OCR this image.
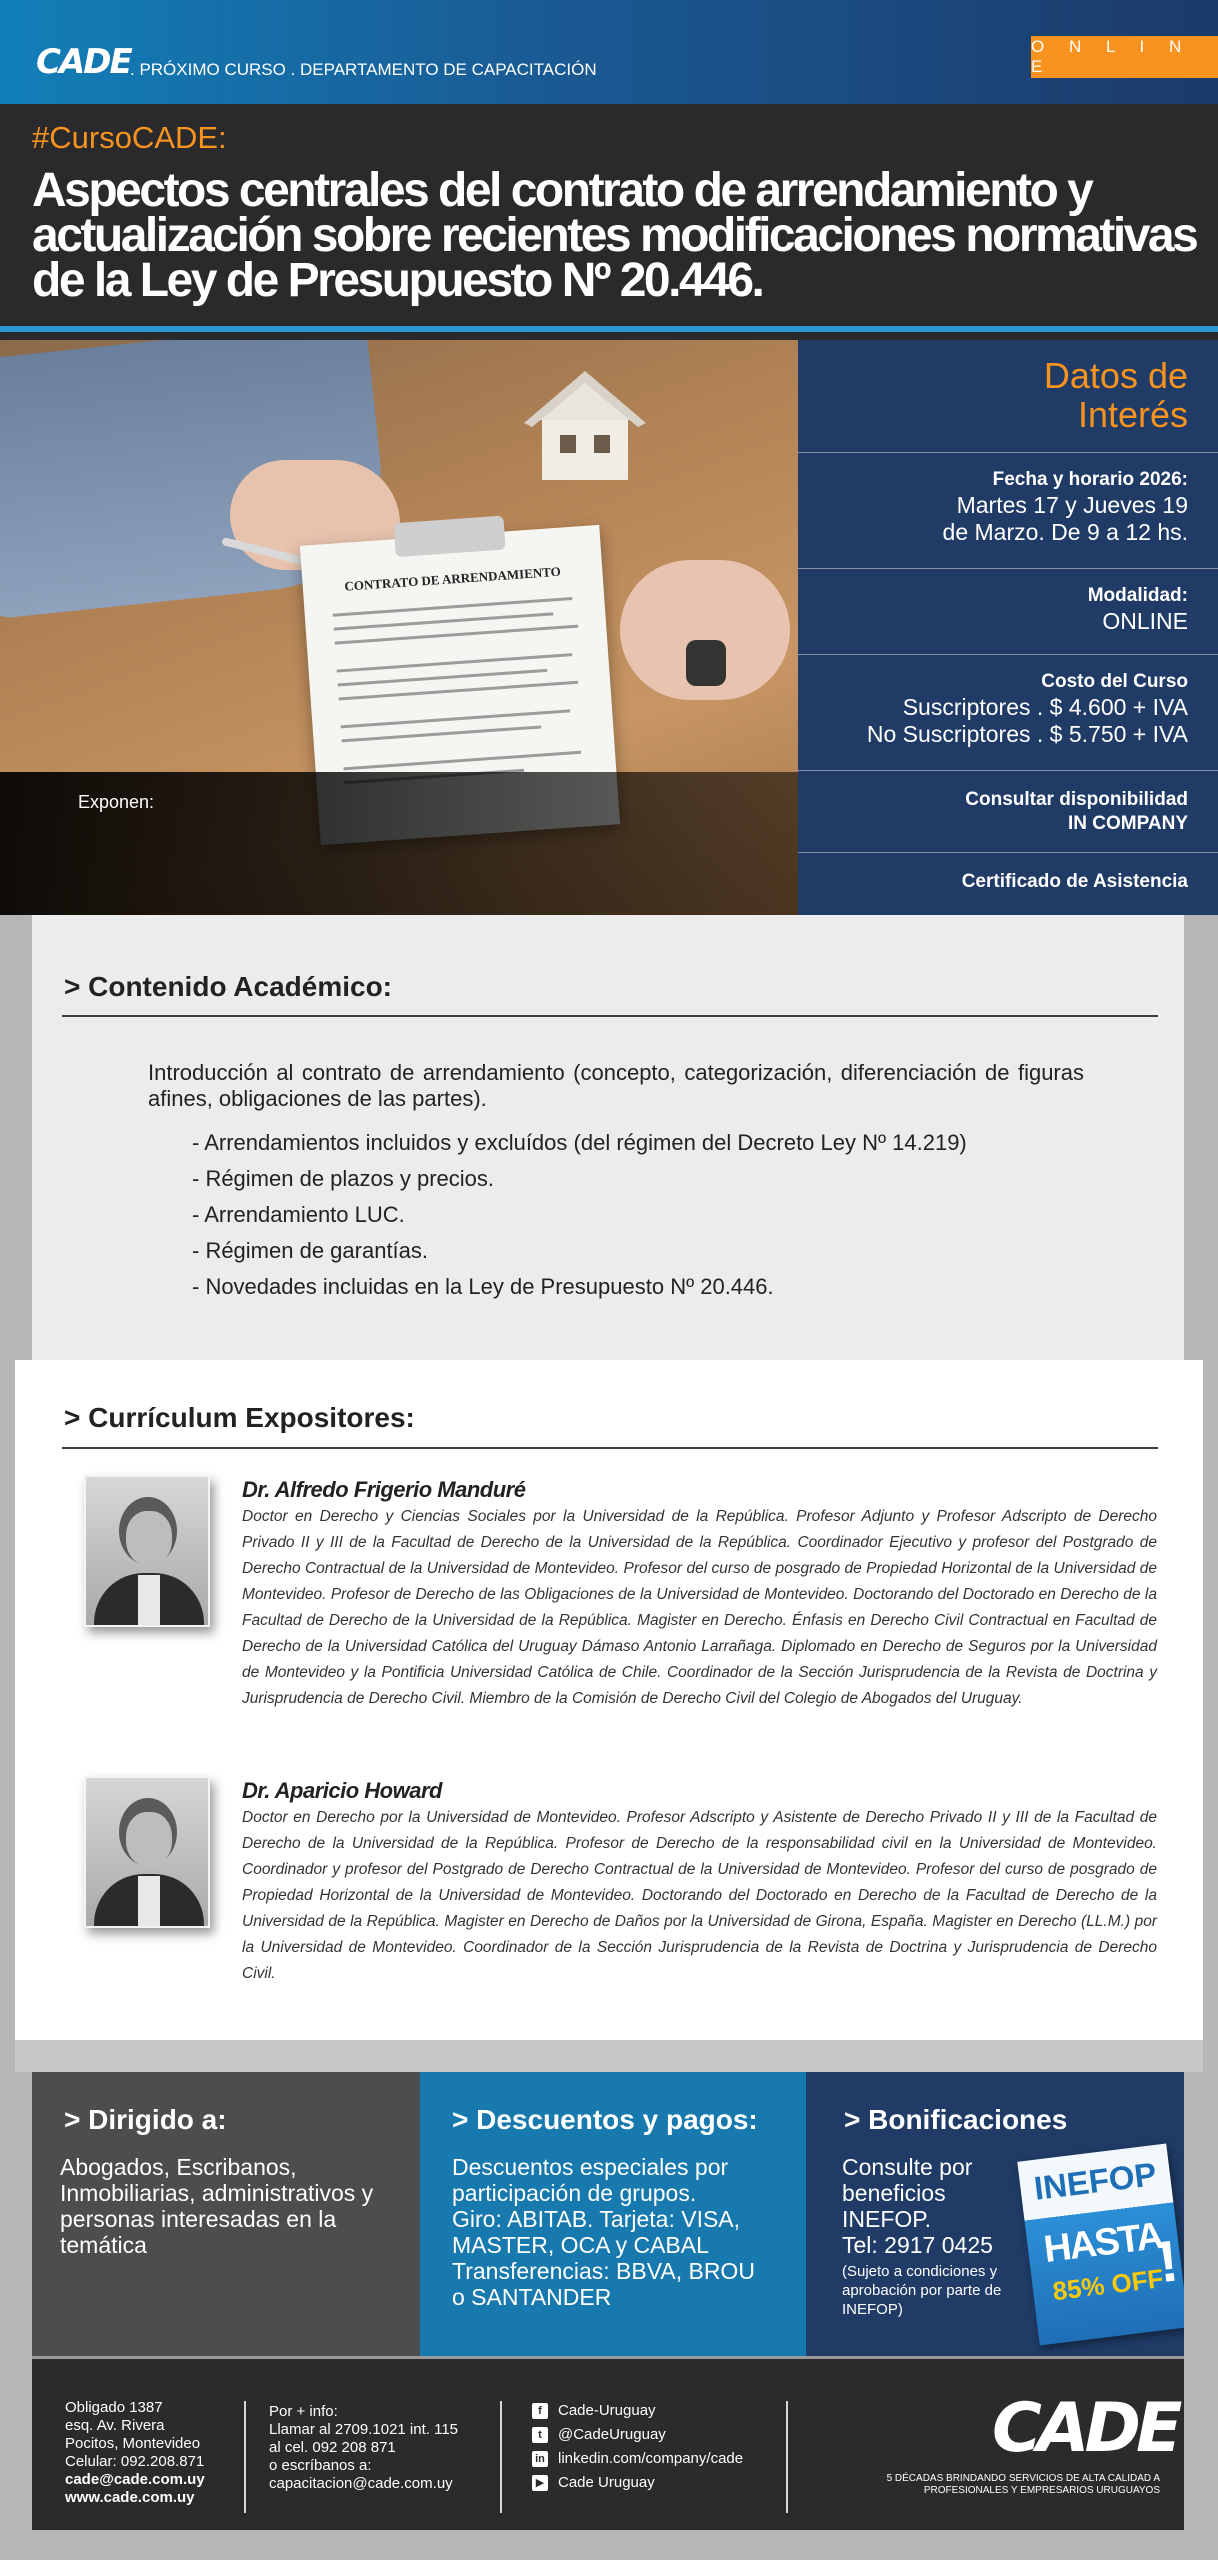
CADE . PRÓXIMO CURSO . DEPARTAMENTO DE CAPACITACIÓN
O N L I N E
#CursoCADE:
Aspectos centrales del contrato de arrendamiento y actualización sobre recientes modificaciones normativas de la Ley de Presupuesto Nº 20.446.
CONTRATO DE ARRENDAMIENTO
Exponen:
Datos de
Interés
Fecha y horario 2026:
Martes 17 y Jueves 19
de Marzo. De 9 a 12 hs.
Modalidad:
ONLINE
Costo del Curso
Suscriptores . $ 4.600 + IVA
No Suscriptores . $ 5.750 + IVA
Consultar disponibilidad
IN COMPANY
Certificado de Asistencia
> Contenido Académico:
Introducción al contrato de arrendamiento (concepto, categorización, diferenciación de figuras afines, obligaciones de las partes).
- Arrendamientos incluidos y excluídos (del régimen del Decreto Ley Nº 14.219)
- Régimen de plazos y precios.
- Arrendamiento LUC.
- Régimen de garantías.
- Novedades incluidas en la Ley de Presupuesto Nº 20.446.
> Currículum Expositores:
Dr. Alfredo Frigerio Manduré
Doctor en Derecho y Ciencias Sociales por la Universidad de la República. Profesor Adjunto y Profesor Adscripto de Derecho Privado II y III de la Facultad de Derecho de la Universidad de la República. Coordinador Ejecutivo y profesor del Postgrado de Derecho Contractual de la Universidad de Montevideo. Profesor del curso de posgrado de Propiedad Horizontal de la Universidad de Montevideo. Profesor de Derecho de las Obligaciones de la Universidad de Montevideo. Doctorando del Doctorado en Derecho de la Facultad de Derecho de la Universidad de la República. Magister en Derecho. Énfasis en Derecho Civil Contractual en Facultad de Derecho de la Universidad Católica del Uruguay Dámaso Antonio Larrañaga. Diplomado en Derecho de Seguros por la Universidad de Montevideo y la Pontificia Universidad Católica de Chile. Coordinador de la Sección Jurisprudencia de la Revista de Doctrina y Jurisprudencia de Derecho Civil. Miembro de la Comisión de Derecho Civil del Colegio de Abogados del Uruguay.
Dr. Aparicio Howard
Doctor en Derecho por la Universidad de Montevideo. Profesor Adscripto y Asistente de Derecho Privado II y III de la Facultad de Derecho de la Universidad de la República. Profesor de Derecho de la responsabilidad civil en la Universidad de Montevideo. Coordinador y profesor del Postgrado de Derecho Contractual de la Universidad de Montevideo. Profesor del curso de posgrado de Propiedad Horizontal de la Universidad de Montevideo. Doctorando del Doctorado en Derecho de la Facultad de Derecho de la Universidad de la República. Magister en Derecho de Daños por la Universidad de Girona, España. Magister en Derecho (LL.M.) por la Universidad de Montevideo. Coordinador de la Sección Jurisprudencia de la Revista de Doctrina y Jurisprudencia de Derecho Civil.
> Dirigido a:
Abogados, Escribanos,
Inmobiliarias, administrativos y
personas interesadas en la
temática
> Descuentos y pagos:
Descuentos especiales por
participación de grupos.
Giro: ABITAB. Tarjeta: VISA,
MASTER, OCA y CABAL
Transferencias: BBVA, BROU
o SANTANDER
> Bonificaciones
Consulte por
beneficios
INEFOP.
Tel: 2917 0425
(Sujeto a condiciones y aprobación por parte de INEFOP)
INEFOP
HASTA
85% OFF
!
Obligado 1387
esq. Av. Rivera
Pocitos, Montevideo
Celular: 092.208.871
cade@cade.com.uy
www.cade.com.uy
Por + info:
Llamar al 2709.1021 int. 115
al cel. 092 208 871
o escríbanos a:
capacitacion@cade.com.uy
f	Cade-Uruguay
t	@CadeUruguay
in linkedin.com/company/cade
▶ Cade Uruguay
CADE
5 DÉCADAS BRINDANDO SERVICIOS DE ALTA CALIDAD A
PROFESIONALES Y EMPRESARIOS URUGUAYOS
